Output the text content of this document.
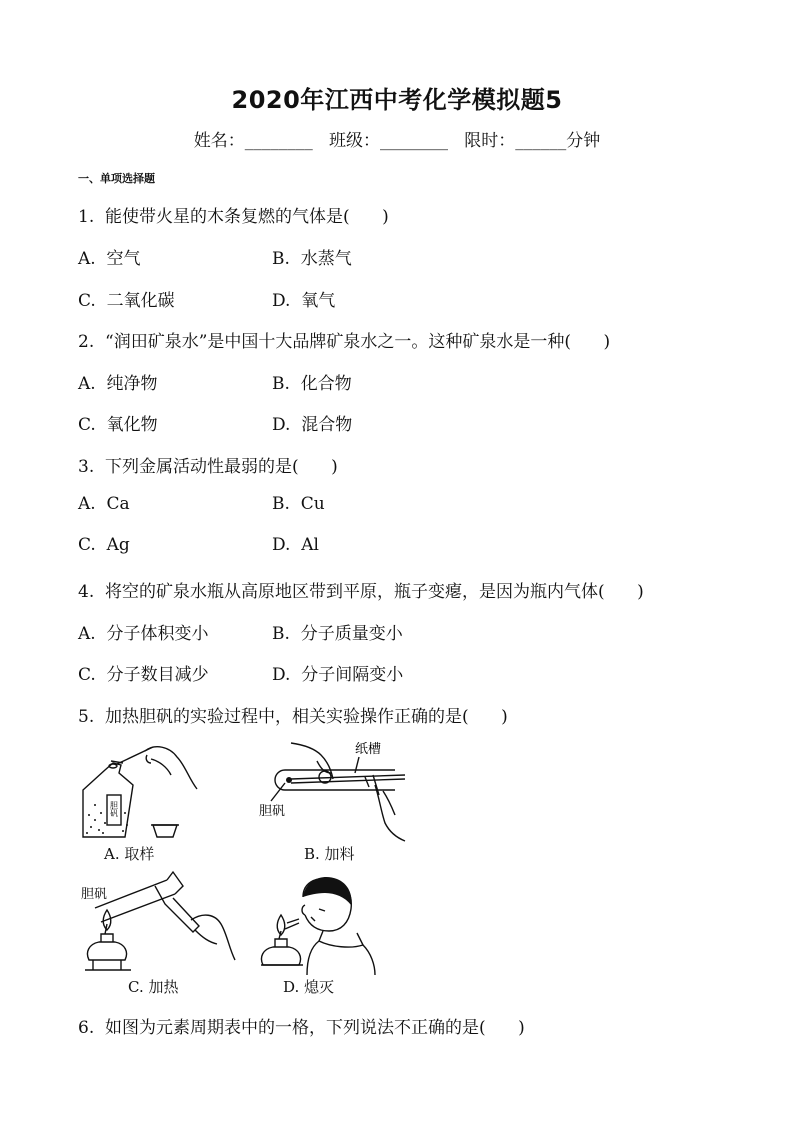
2020年江西中考化学模拟题5
姓名：________   班级：________   限时：______分钟
一、单项选择题
1.  能使带火星的木条复燃的气体是(      )
A.  空气	B.  水蒸气
C.  二氧化碳	D.  氧气
2.  “润田矿泉水”是中国十大品牌矿泉水之一。这种矿泉水是一种(      )
A.  纯净物	B.  化合物
C.  氧化物	D.  混合物
3.  下列金属活动性最弱的是(      )
A.  Ca	B.  Cu
C.  Ag	D.  Al
4.  将空的矿泉水瓶从高原地区带到平原，瓶子变瘪，是因为瓶内气体(      )
A.  分子体积变小	B.  分子质量变小
C.  分子数目减少	D.  分子间隔变小
5.  加热胆矾的实验过程中，相关实验操作正确的是(      )
胆矾
A. 取样
纸槽
胆矾
B. 加料
胆矾
C. 加热	D. 熄灭
6.  如图为元素周期表中的一格，下列说法不正确的是(      )
